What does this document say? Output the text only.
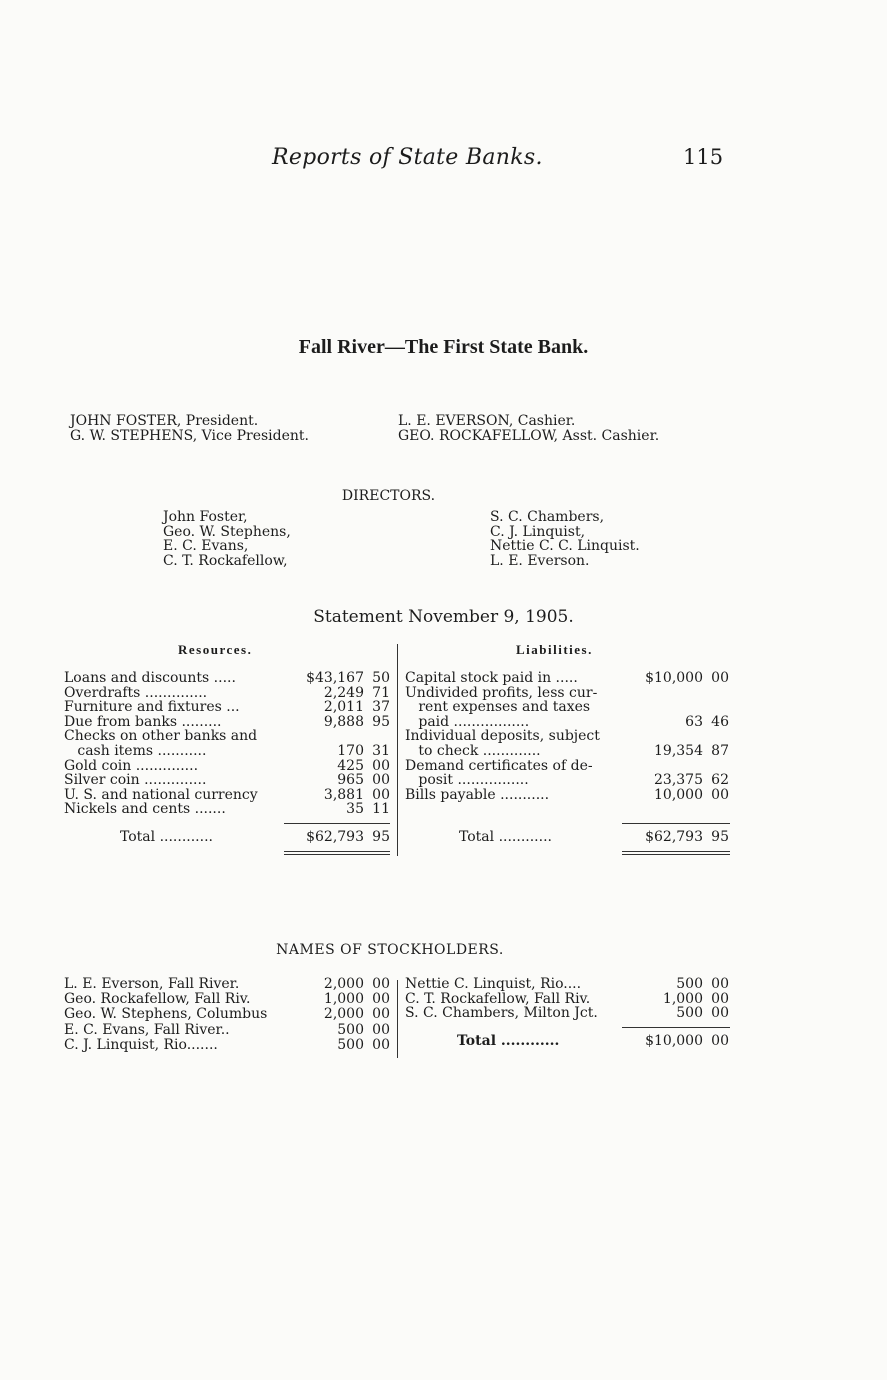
Reports of State Banks.	115
Fall River—The First State Bank.
JOHN FOSTER, President.
G. W. STEPHENS, Vice President.
L. E. EVERSON, Cashier.
GEO. ROCKAFELLOW, Asst. Cashier.
DIRECTORS.
John Foster,
Geo. W. Stephens,
E. C. Evans,
C. T. Rockafellow,
S. C. Chambers,
C. J. Linquist,
Nettie C. C. Linquist.
L. E. Everson.
Statement November 9, 1905.
Resources.
Loans and discounts .....	$43,167 50
Overdrafts ..............	2,249 71
Furniture and fixtures ...	2,011 37
Due from banks .........	9,888 95
Checks on other banks and
cash items ...........	170 31
Gold coin ..............	425 00
Silver coin ..............	965 00
U. S. and national currency	3,881 00
Nickels and cents .......	35 11
Total ............	$62,793 95
Liabilities.
Capital stock paid in .....	$10,000 00
Undivided profits, less cur-
rent expenses and taxes
paid .................	63 46
Individual deposits, subject
to check .............	19,354 87
Demand certificates of de-
posit ................	23,375 62
Bills payable ...........	10,000 00
Total ............	$62,793 95
NAMES OF STOCKHOLDERS.
L. E. Everson, Fall River.	2,000 00
Geo. Rockafellow, Fall Riv.	1,000 00
Geo. W. Stephens, Columbus	2,000 00
E. C. Evans, Fall River..	500 00
C. J. Linquist, Rio.......	500 00
Nettie C. Linquist, Rio....	500 00
C. T. Rockafellow, Fall Riv.	1,000 00
S. C. Chambers, Milton Jct.	500 00
Total ............	$10,000 00
